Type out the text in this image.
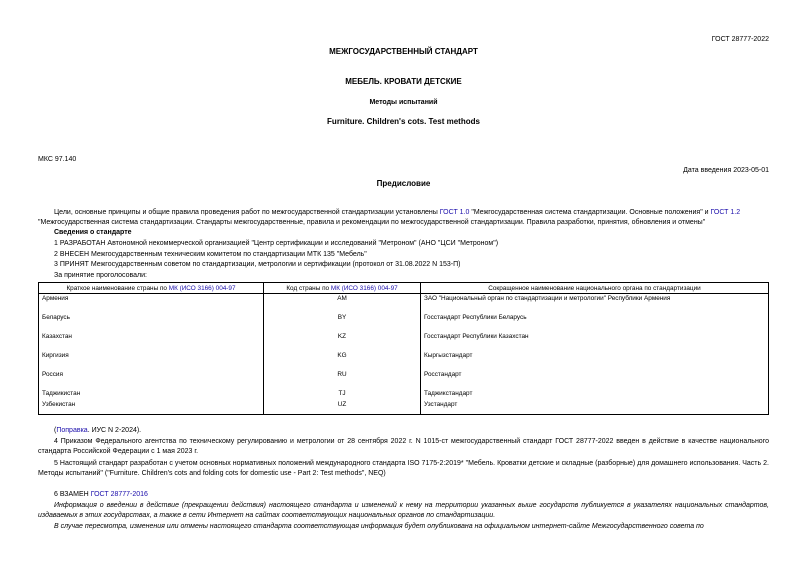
ГОСТ 28777-2022
МЕЖГОСУДАРСТВЕННЫЙ СТАНДАРТ
МЕБЕЛЬ. КРОВАТИ ДЕТСКИЕ
Методы испытаний
Furniture. Children's cots. Test methods
МКС 97.140
Дата введения 2023-05-01
Предисловие
Цели, основные принципы и общие правила проведения работ по межгосударственной стандартизации установлены ГОСТ 1.0 "Межгосударственная система стандартизации. Основные положения" и ГОСТ 1.2 "Межгосударственная система стандартизации. Стандарты межгосударственные, правила и рекомендации по межгосударственной стандартизации. Правила разработки, принятия, обновления и отмены"
Сведения о стандарте
1 РАЗРАБОТАН Автономной некоммерческой организацией "Центр сертификации и исследований "Метроном" (АНО "ЦСИ "Метроном")
2 ВНЕСЕН Межгосударственным техническим комитетом по стандартизации МТК 135 "Мебель"
3 ПРИНЯТ Межгосударственным советом по стандартизации, метрологии и сертификации (протокол от 31.08.2022 N 153-П)
За принятие проголосовали:
Краткое наименование страны по МК (ИСО 3166) 004-97	Код страны по МК (ИСО 3166) 004-97	Сокращенное наименование национального органа по стандартизации
Армения	AM	ЗАО "Национальный орган по стандартизации и метрологии" Республики Армения
Беларусь	BY	Госстандарт Республики Беларусь
Казахстан	KZ	Госстандарт Республики Казахстан
Киргизия	KG	Кыргызстандарт
Россия	RU	Росстандарт
Таджикистан	TJ	Таджикстандарт
Узбекистан	UZ	Узстандарт
(Поправка. ИУС N 2-2024).
4 Приказом Федерального агентства по техническому регулированию и метрологии от 28 сентября 2022 г. N 1015-ст межгосударственный стандарт ГОСТ 28777-2022 введен в действие в качестве национального стандарта Российской Федерации с 1 мая 2023 г.
5 Настоящий стандарт разработан с учетом основных нормативных положений международного стандарта ISO 7175-2:2019* "Мебель. Кроватки детские и складные (разборные) для домашнего использования. Часть 2. Методы испытаний" ("Furniture. Children's cots and folding cots for domestic use - Part 2: Test methods", NEQ)
6 ВЗАМЕН ГОСТ 28777-2016
Информация о введении в действие (прекращении действия) настоящего стандарта и изменений к нему на территории указанных выше государств публикуется в указателях национальных стандартов, издаваемых в этих государствах, а также в сети Интернет на сайтах соответствующих национальных органов по стандартизации.
В случае пересмотра, изменения или отмены настоящего стандарта соответствующая информация будет опубликована на официальном интернет-сайте Межгосударственного совета по
